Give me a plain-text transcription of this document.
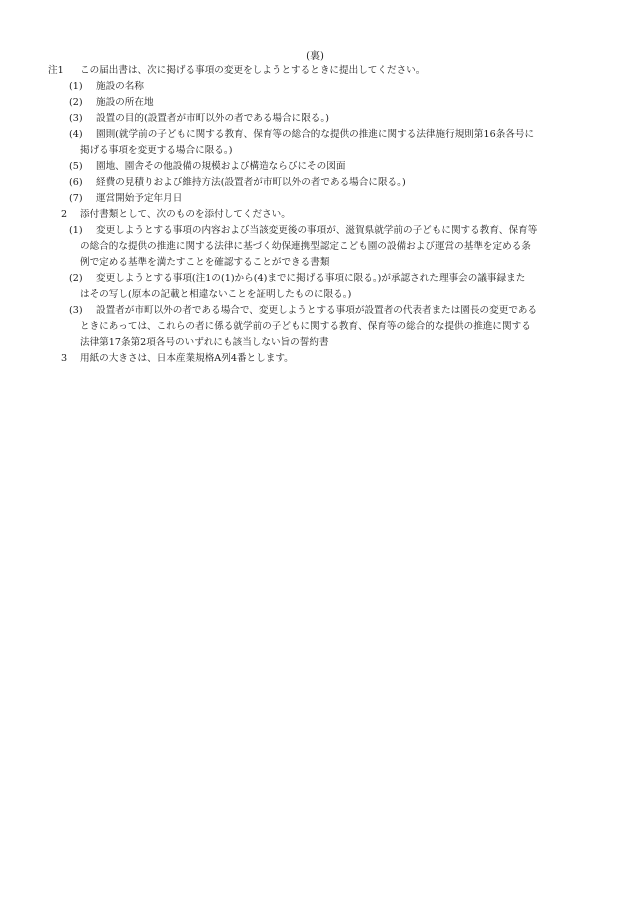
(裏)
注1 この届出書は、次に掲げる事項の変更をしようとするときに提出してください。
(1) 施設の名称
(2) 施設の所在地
(3) 設置の目的(設置者が市町以外の者である場合に限る。)
(4) 園則(就学前の子どもに関する教育、保育等の総合的な提供の推進に関する法律施行規則第16条各号に
掲げる事項を変更する場合に限る。)
(5) 園地、園舎その他設備の規模および構造ならびにその図面
(6) 経費の見積りおよび維持方法(設置者が市町以外の者である場合に限る。)
(7) 運営開始予定年月日
2 添付書類として、次のものを添付してください。
(1) 変更しようとする事項の内容および当該変更後の事項が、滋賀県就学前の子どもに関する教育、保育等
の総合的な提供の推進に関する法律に基づく幼保連携型認定こども園の設備および運営の基準を定める条
例で定める基準を満たすことを確認することができる書類
(2) 変更しようとする事項(注1の(1)から(4)までに掲げる事項に限る。)が承認された理事会の議事録また
はその写し(原本の記載と相違ないことを証明したものに限る。)
(3) 設置者が市町以外の者である場合で、変更しようとする事項が設置者の代表者または園長の変更である
ときにあっては、これらの者に係る就学前の子どもに関する教育、保育等の総合的な提供の推進に関する
法律第17条第2項各号のいずれにも該当しない旨の誓約書
3 用紙の大きさは、日本産業規格A列4番とします。
